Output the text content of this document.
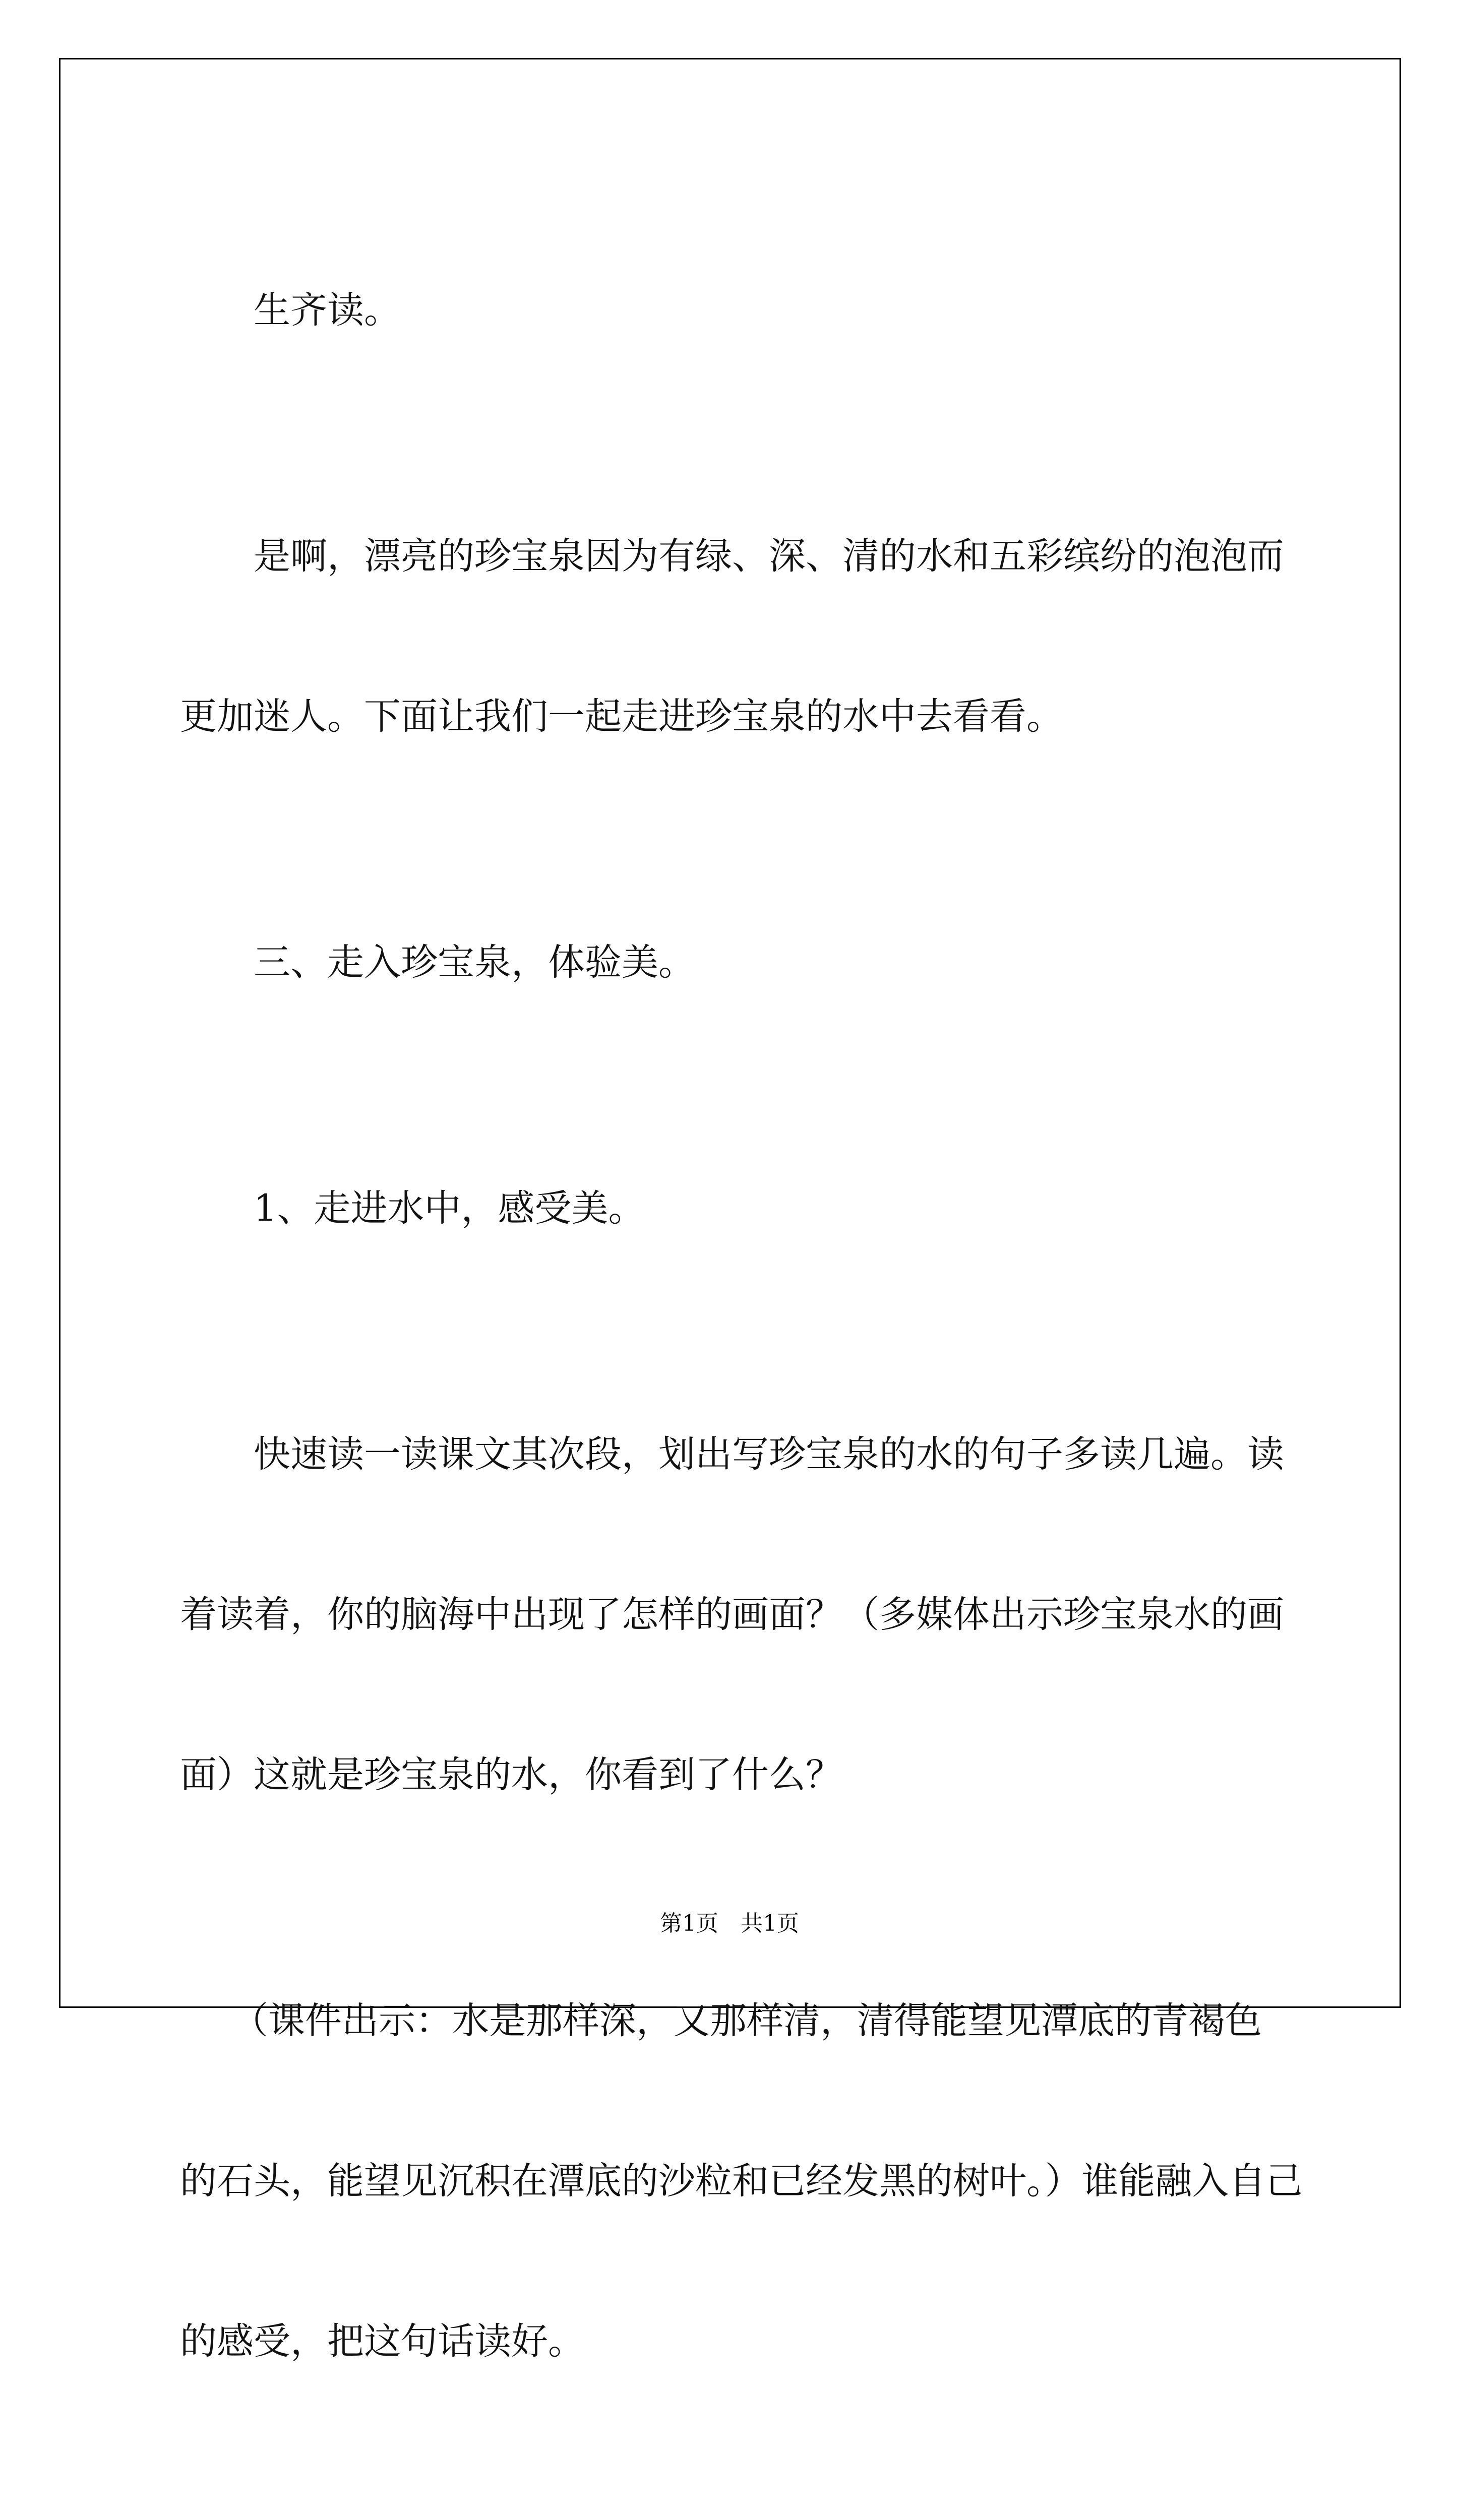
生齐读。

是啊，漂亮的珍宝泉因为有绿、深、清的水和五彩缤纷的泡泡而

更加迷人。下面让我们一起走进珍宝泉的水中去看看。

三、走入珍宝泉，体验美。

1、走进水中，感受美。

快速读一读课文其次段，划出写珍宝泉的水的句子多读几遍。读

着读着，你的脑海中出现了怎样的画面？（多媒体出示珍宝泉水的画

面）这就是珍宝泉的水，你看到了什么？

（课件出示：水是那样深，又那样清，清得能望见潭底的青褐色

的石头，能望见沉积在潭底的沙粒和已经发黑的树叶。）谁能融入自己

的感受，把这句话读好。

第1页　共1页
